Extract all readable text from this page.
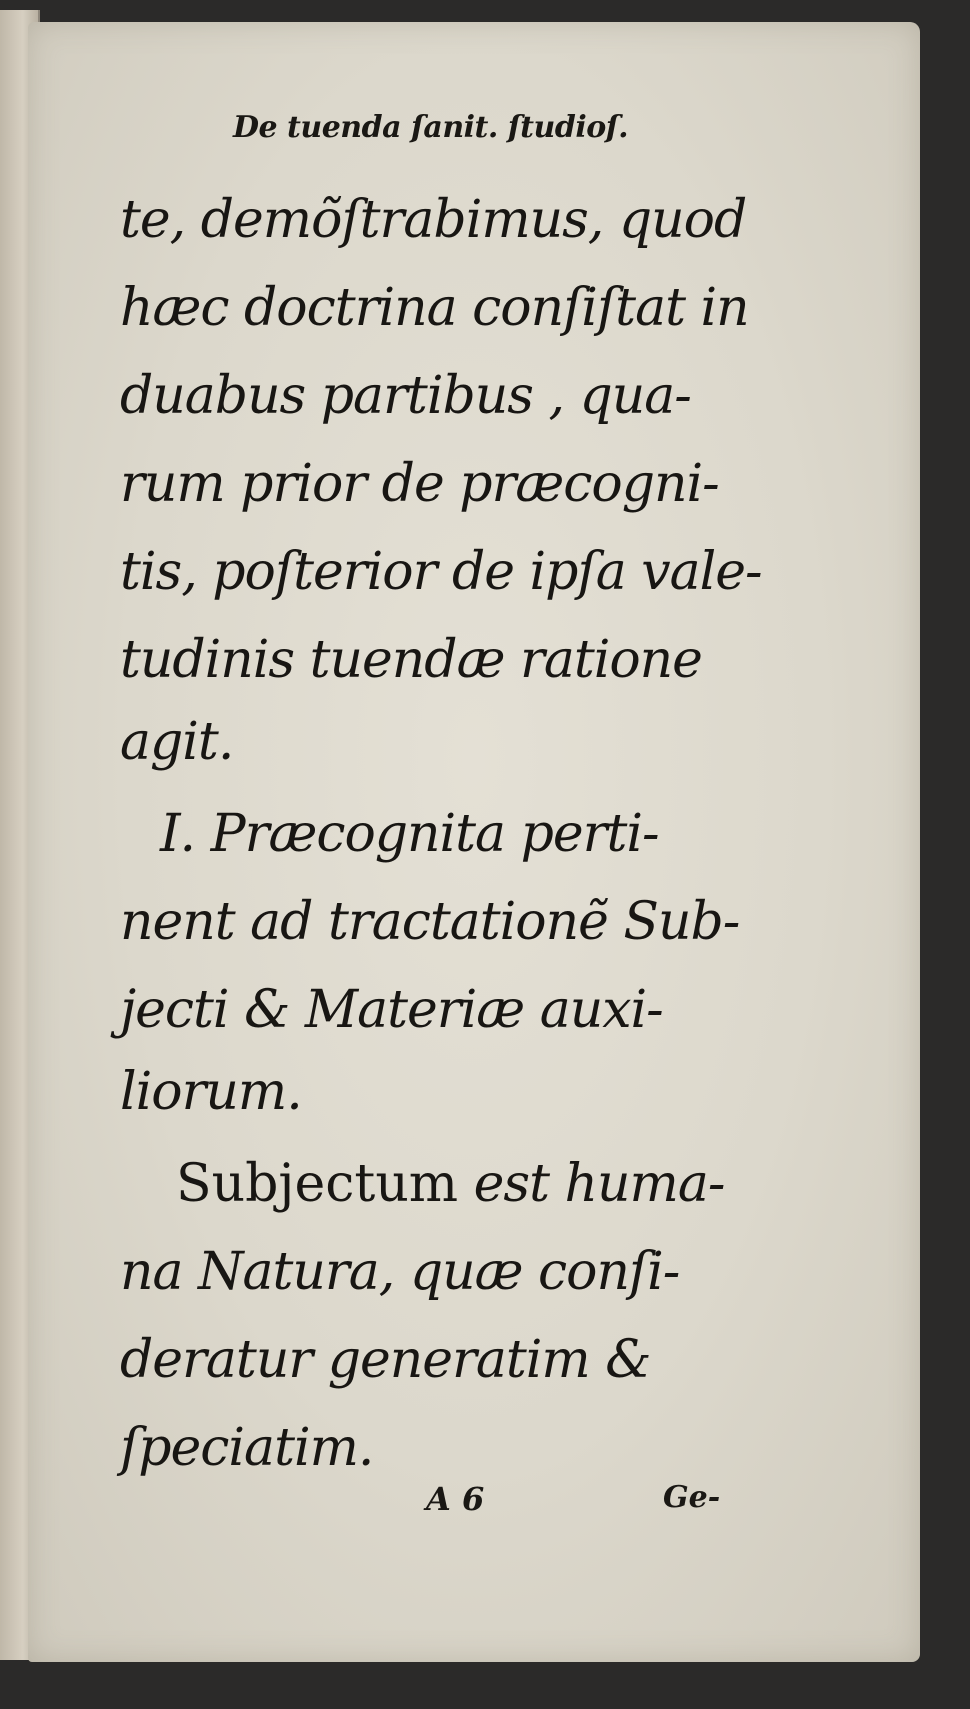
De tuenda ſanit. ſtudioſ.
te, demõſtrabimus, quod
hæc doctrina conſiſtat in
duabus partibus , qua-
rum prior de præcogni-
tis, poſterior de ipſa vale-
tudinis tuendæ ratione
agit.
I. Præcognita perti-
nent ad tractationẽ Sub-
jecti & Materiæ auxi-
liorum.
Subjectum est huma-
na Natura, quæ conſi-
deratur generatim &
ſpeciatim.
A 6	Ge-
